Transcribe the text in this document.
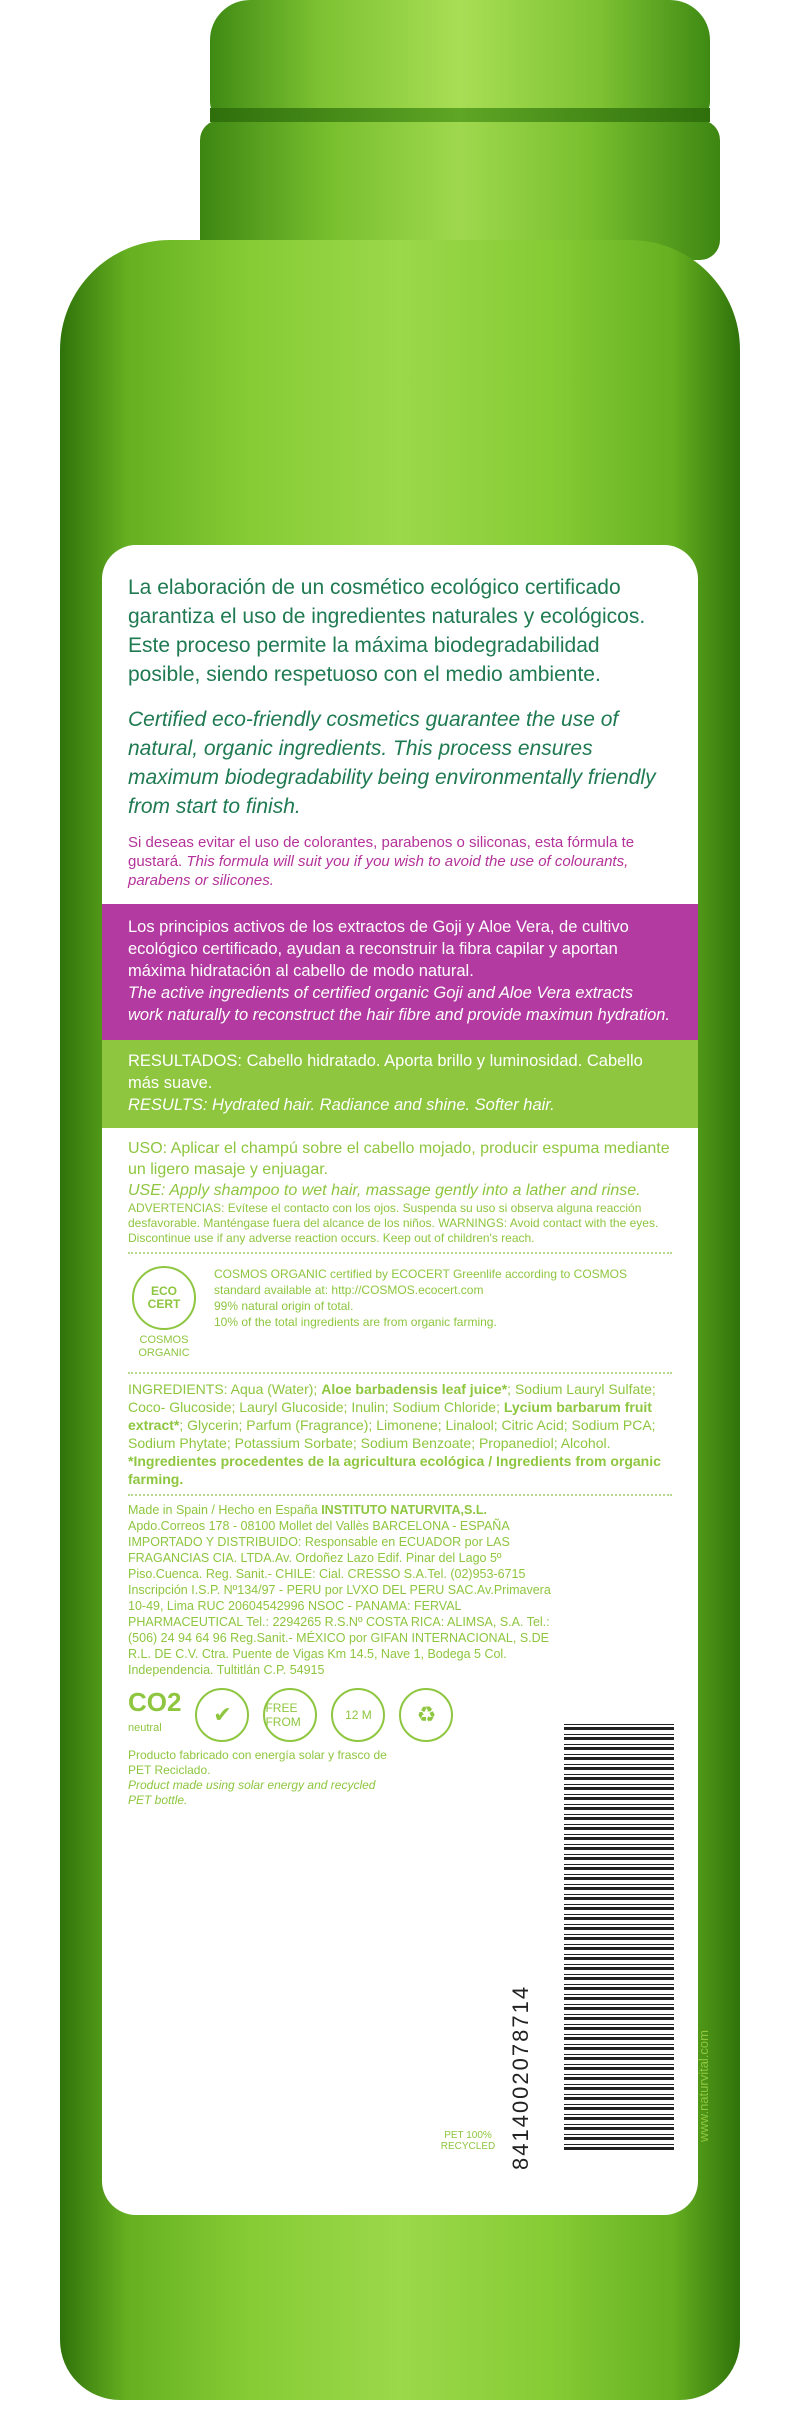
La elaboración de un cosmético ecológico certificado garantiza el uso de ingredientes naturales y ecológicos. Este proceso permite la máxima biodegradabilidad posible, siendo respetuoso con el medio ambiente.
Certified eco-friendly cosmetics guarantee the use of natural, organic ingredients. This process ensures maximum biodegradability being environmentally friendly from start to finish.
Si deseas evitar el uso de colorantes, parabenos o siliconas, esta fórmula te gustará. This formula will suit you if you wish to avoid the use of colourants, parabens or silicones.
Los principios activos de los extractos de Goji y Aloe Vera, de cultivo ecológico certificado, ayudan a reconstruir la fibra capilar y aportan máxima hidratación al cabello de modo natural.
The active ingredients of certified organic Goji and Aloe Vera extracts work naturally to reconstruct the hair fibre and provide maximun hydration.
RESULTADOS: Cabello hidratado. Aporta brillo y luminosidad. Cabello más suave.
RESULTS: Hydrated hair. Radiance and shine. Softer hair.
USO: Aplicar el champú sobre el cabello mojado, producir espuma mediante un ligero masaje y enjuagar.
USE: Apply shampoo to wet hair, massage gently into a lather and rinse.
ADVERTENCIAS: Evítese el contacto con los ojos. Suspenda su uso si observa alguna reacción desfavorable. Manténgase fuera del alcance de los niños. WARNINGS: Avoid contact with the eyes. Discontinue use if any adverse reaction occurs. Keep out of children's reach.
ECO CERT
COSMOS ORGANIC
COSMOS ORGANIC certified by ECOCERT Greenlife according to COSMOS standard available at: http://COSMOS.ecocert.com
99% natural origin of total.
10% of the total ingredients are from organic farming.
INGREDIENTS: Aqua (Water); Aloe barbadensis leaf juice*; Sodium Lauryl Sulfate; Coco- Glucoside; Lauryl Glucoside; Inulin; Sodium Chloride; Lycium barbarum fruit extract*; Glycerin; Parfum (Fragrance); Limonene; Linalool; Citric Acid; Sodium PCA; Sodium Phytate; Potassium Sorbate; Sodium Benzoate; Propanediol; Alcohol. *Ingredientes procedentes de la agricultura ecológica / Ingredients from organic farming.
Made in Spain / Hecho en España INSTITUTO NATURVITA,S.L. Apdo.Correos 178 - 08100 Mollet del Vallès BARCELONA - ESPAÑA IMPORTADO Y DISTRIBUIDO: Responsable en ECUADOR por LAS FRAGANCIAS CIA. LTDA.Av. Ordoñez Lazo Edif. Pinar del Lago 5º Piso.Cuenca. Reg. Sanit.- CHILE: Cial. CRESSO S.A.Tel. (02)953-6715 Inscripción I.S.P. Nº134/97 - PERU por LVXO DEL PERU SAC.Av.Primavera 10-49, Lima RUC 20604542996 NSOC - PANAMA: FERVAL PHARMACEUTICAL Tel.: 2294265 R.S.Nº COSTA RICA: ALIMSA, S.A. Tel.: (506) 24 94 64 96 Reg.Sanit.- MÉXICO por GIFAN INTERNACIONAL, S.DE R.L. DE C.V. Ctra. Puente de Vigas Km 14.5, Nave 1, Bodega 5 Col. Independencia. Tultitlán C.P. 54915
CO2
neutral
✔	FREE FROM	12 M	♻
Producto fabricado con energía solar y frasco de PET Reciclado.
Product made using solar energy and recycled PET bottle.
PET 100% RECYCLED 8414002078714	www.naturvital.com
